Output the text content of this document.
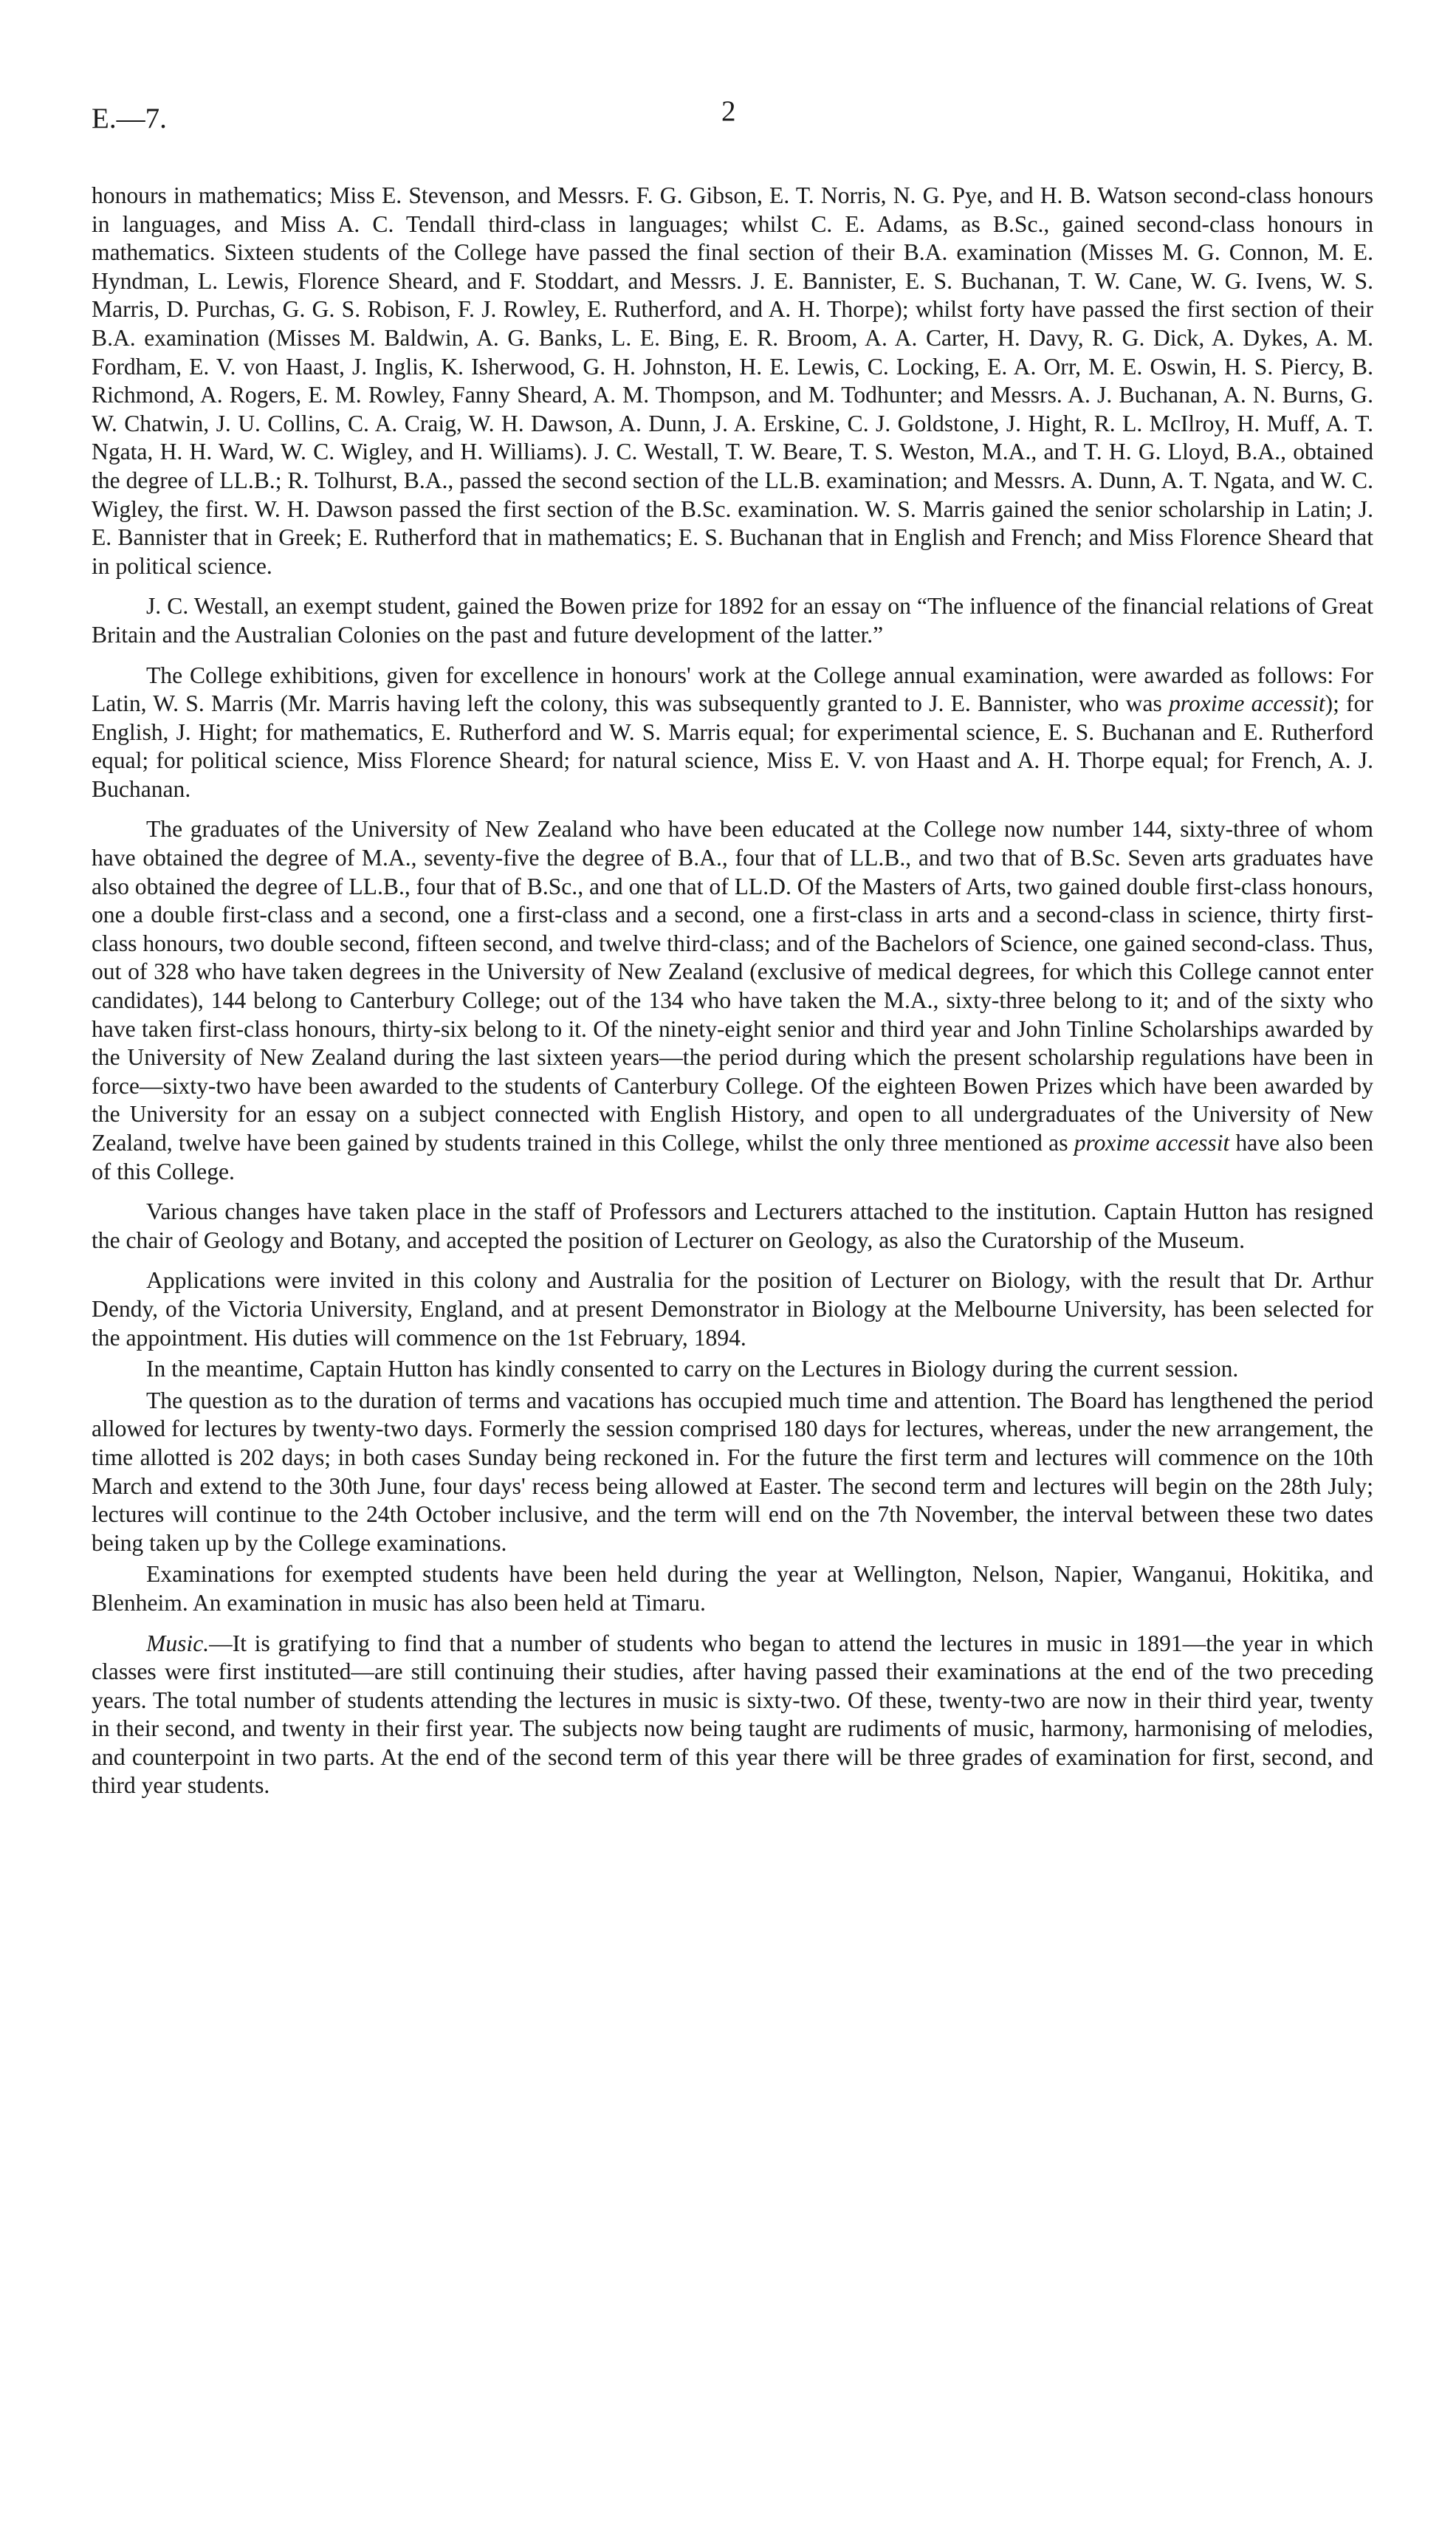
E.—7.	2

honours in mathematics; Miss E. Stevenson, and Messrs. F. G. Gibson, E. T. Norris, N. G. Pye, and H. B. Watson second-class honours in languages, and Miss A. C. Tendall third-class in languages; whilst C. E. Adams, as B.Sc., gained second-class honours in mathematics. Sixteen students of the College have passed the final section of their B.A. examination (Misses M. G. Connon, M. E. Hyndman, L. Lewis, Florence Sheard, and F. Stoddart, and Messrs. J. E. Bannister, E. S. Buchanan, T. W. Cane, W. G. Ivens, W. S. Marris, D. Purchas, G. G. S. Robison, F. J. Rowley, E. Rutherford, and A. H. Thorpe); whilst forty have passed the first section of their B.A. examination (Misses M. Baldwin, A. G. Banks, L. E. Bing, E. R. Broom, A. A. Carter, H. Davy, R. G. Dick, A. Dykes, A. M. Fordham, E. V. von Haast, J. Inglis, K. Isherwood, G. H. Johnston, H. E. Lewis, C. Locking, E. A. Orr, M. E. Oswin, H. S. Piercy, B. Richmond, A. Rogers, E. M. Rowley, Fanny Sheard, A. M. Thompson, and M. Todhunter; and Messrs. A. J. Buchanan, A. N. Burns, G. W. Chatwin, J. U. Collins, C. A. Craig, W. H. Dawson, A. Dunn, J. A. Erskine, C. J. Goldstone, J. Hight, R. L. McIlroy, H. Muff, A. T. Ngata, H. H. Ward, W. C. Wigley, and H. Williams). J. C. Westall, T. W. Beare, T. S. Weston, M.A., and T. H. G. Lloyd, B.A., obtained the degree of LL.B.; R. Tolhurst, B.A., passed the second section of the LL.B. examination; and Messrs. A. Dunn, A. T. Ngata, and W. C. Wigley, the first. W. H. Dawson passed the first section of the B.Sc. examination. W. S. Marris gained the senior scholarship in Latin; J. E. Bannister that in Greek; E. Rutherford that in mathematics; E. S. Buchanan that in English and French; and Miss Florence Sheard that in political science.

J. C. Westall, an exempt student, gained the Bowen prize for 1892 for an essay on “The influence of the financial relations of Great Britain and the Australian Colonies on the past and future development of the latter.”

The College exhibitions, given for excellence in honours' work at the College annual examination, were awarded as follows: For Latin, W. S. Marris (Mr. Marris having left the colony, this was subsequently granted to J. E. Bannister, who was proxime accessit); for English, J. Hight; for mathematics, E. Rutherford and W. S. Marris equal; for experimental science, E. S. Buchanan and E. Rutherford equal; for political science, Miss Florence Sheard; for natural science, Miss E. V. von Haast and A. H. Thorpe equal; for French, A. J. Buchanan.

The graduates of the University of New Zealand who have been educated at the College now number 144, sixty-three of whom have obtained the degree of M.A., seventy-five the degree of B.A., four that of LL.B., and two that of B.Sc. Seven arts graduates have also obtained the degree of LL.B., four that of B.Sc., and one that of LL.D. Of the Masters of Arts, two gained double first-class honours, one a double first-class and a second, one a first-class and a second, one a first-class in arts and a second-class in science, thirty first-class honours, two double second, fifteen second, and twelve third-class; and of the Bachelors of Science, one gained second-class. Thus, out of 328 who have taken degrees in the University of New Zealand (exclusive of medical degrees, for which this College cannot enter candidates), 144 belong to Canterbury College; out of the 134 who have taken the M.A., sixty-three belong to it; and of the sixty who have taken first-class honours, thirty-six belong to it. Of the ninety-eight senior and third year and John Tinline Scholarships awarded by the University of New Zealand during the last sixteen years—the period during which the present scholarship regulations have been in force—sixty-two have been awarded to the students of Canterbury College. Of the eighteen Bowen Prizes which have been awarded by the University for an essay on a subject connected with English History, and open to all undergraduates of the University of New Zealand, twelve have been gained by students trained in this College, whilst the only three mentioned as proxime accessit have also been of this College.

Various changes have taken place in the staff of Professors and Lecturers attached to the institution. Captain Hutton has resigned the chair of Geology and Botany, and accepted the position of Lecturer on Geology, as also the Curatorship of the Museum.

Applications were invited in this colony and Australia for the position of Lecturer on Biology, with the result that Dr. Arthur Dendy, of the Victoria University, England, and at present Demonstrator in Biology at the Melbourne University, has been selected for the appointment. His duties will commence on the 1st February, 1894.

In the meantime, Captain Hutton has kindly consented to carry on the Lectures in Biology during the current session.

The question as to the duration of terms and vacations has occupied much time and attention. The Board has lengthened the period allowed for lectures by twenty-two days. Formerly the session comprised 180 days for lectures, whereas, under the new arrangement, the time allotted is 202 days; in both cases Sunday being reckoned in. For the future the first term and lectures will commence on the 10th March and extend to the 30th June, four days' recess being allowed at Easter. The second term and lectures will begin on the 28th July; lectures will continue to the 24th October inclusive, and the term will end on the 7th November, the interval between these two dates being taken up by the College examinations.

Examinations for exempted students have been held during the year at Wellington, Nelson, Napier, Wanganui, Hokitika, and Blenheim. An examination in music has also been held at Timaru.

Music.—It is gratifying to find that a number of students who began to attend the lectures in music in 1891—the year in which classes were first instituted—are still continuing their studies, after having passed their examinations at the end of the two preceding years. The total number of students attending the lectures in music is sixty-two. Of these, twenty-two are now in their third year, twenty in their second, and twenty in their first year. The subjects now being taught are rudiments of music, harmony, harmonising of melodies, and counterpoint in two parts. At the end of the second term of this year there will be three grades of examination for first, second, and third year students.
